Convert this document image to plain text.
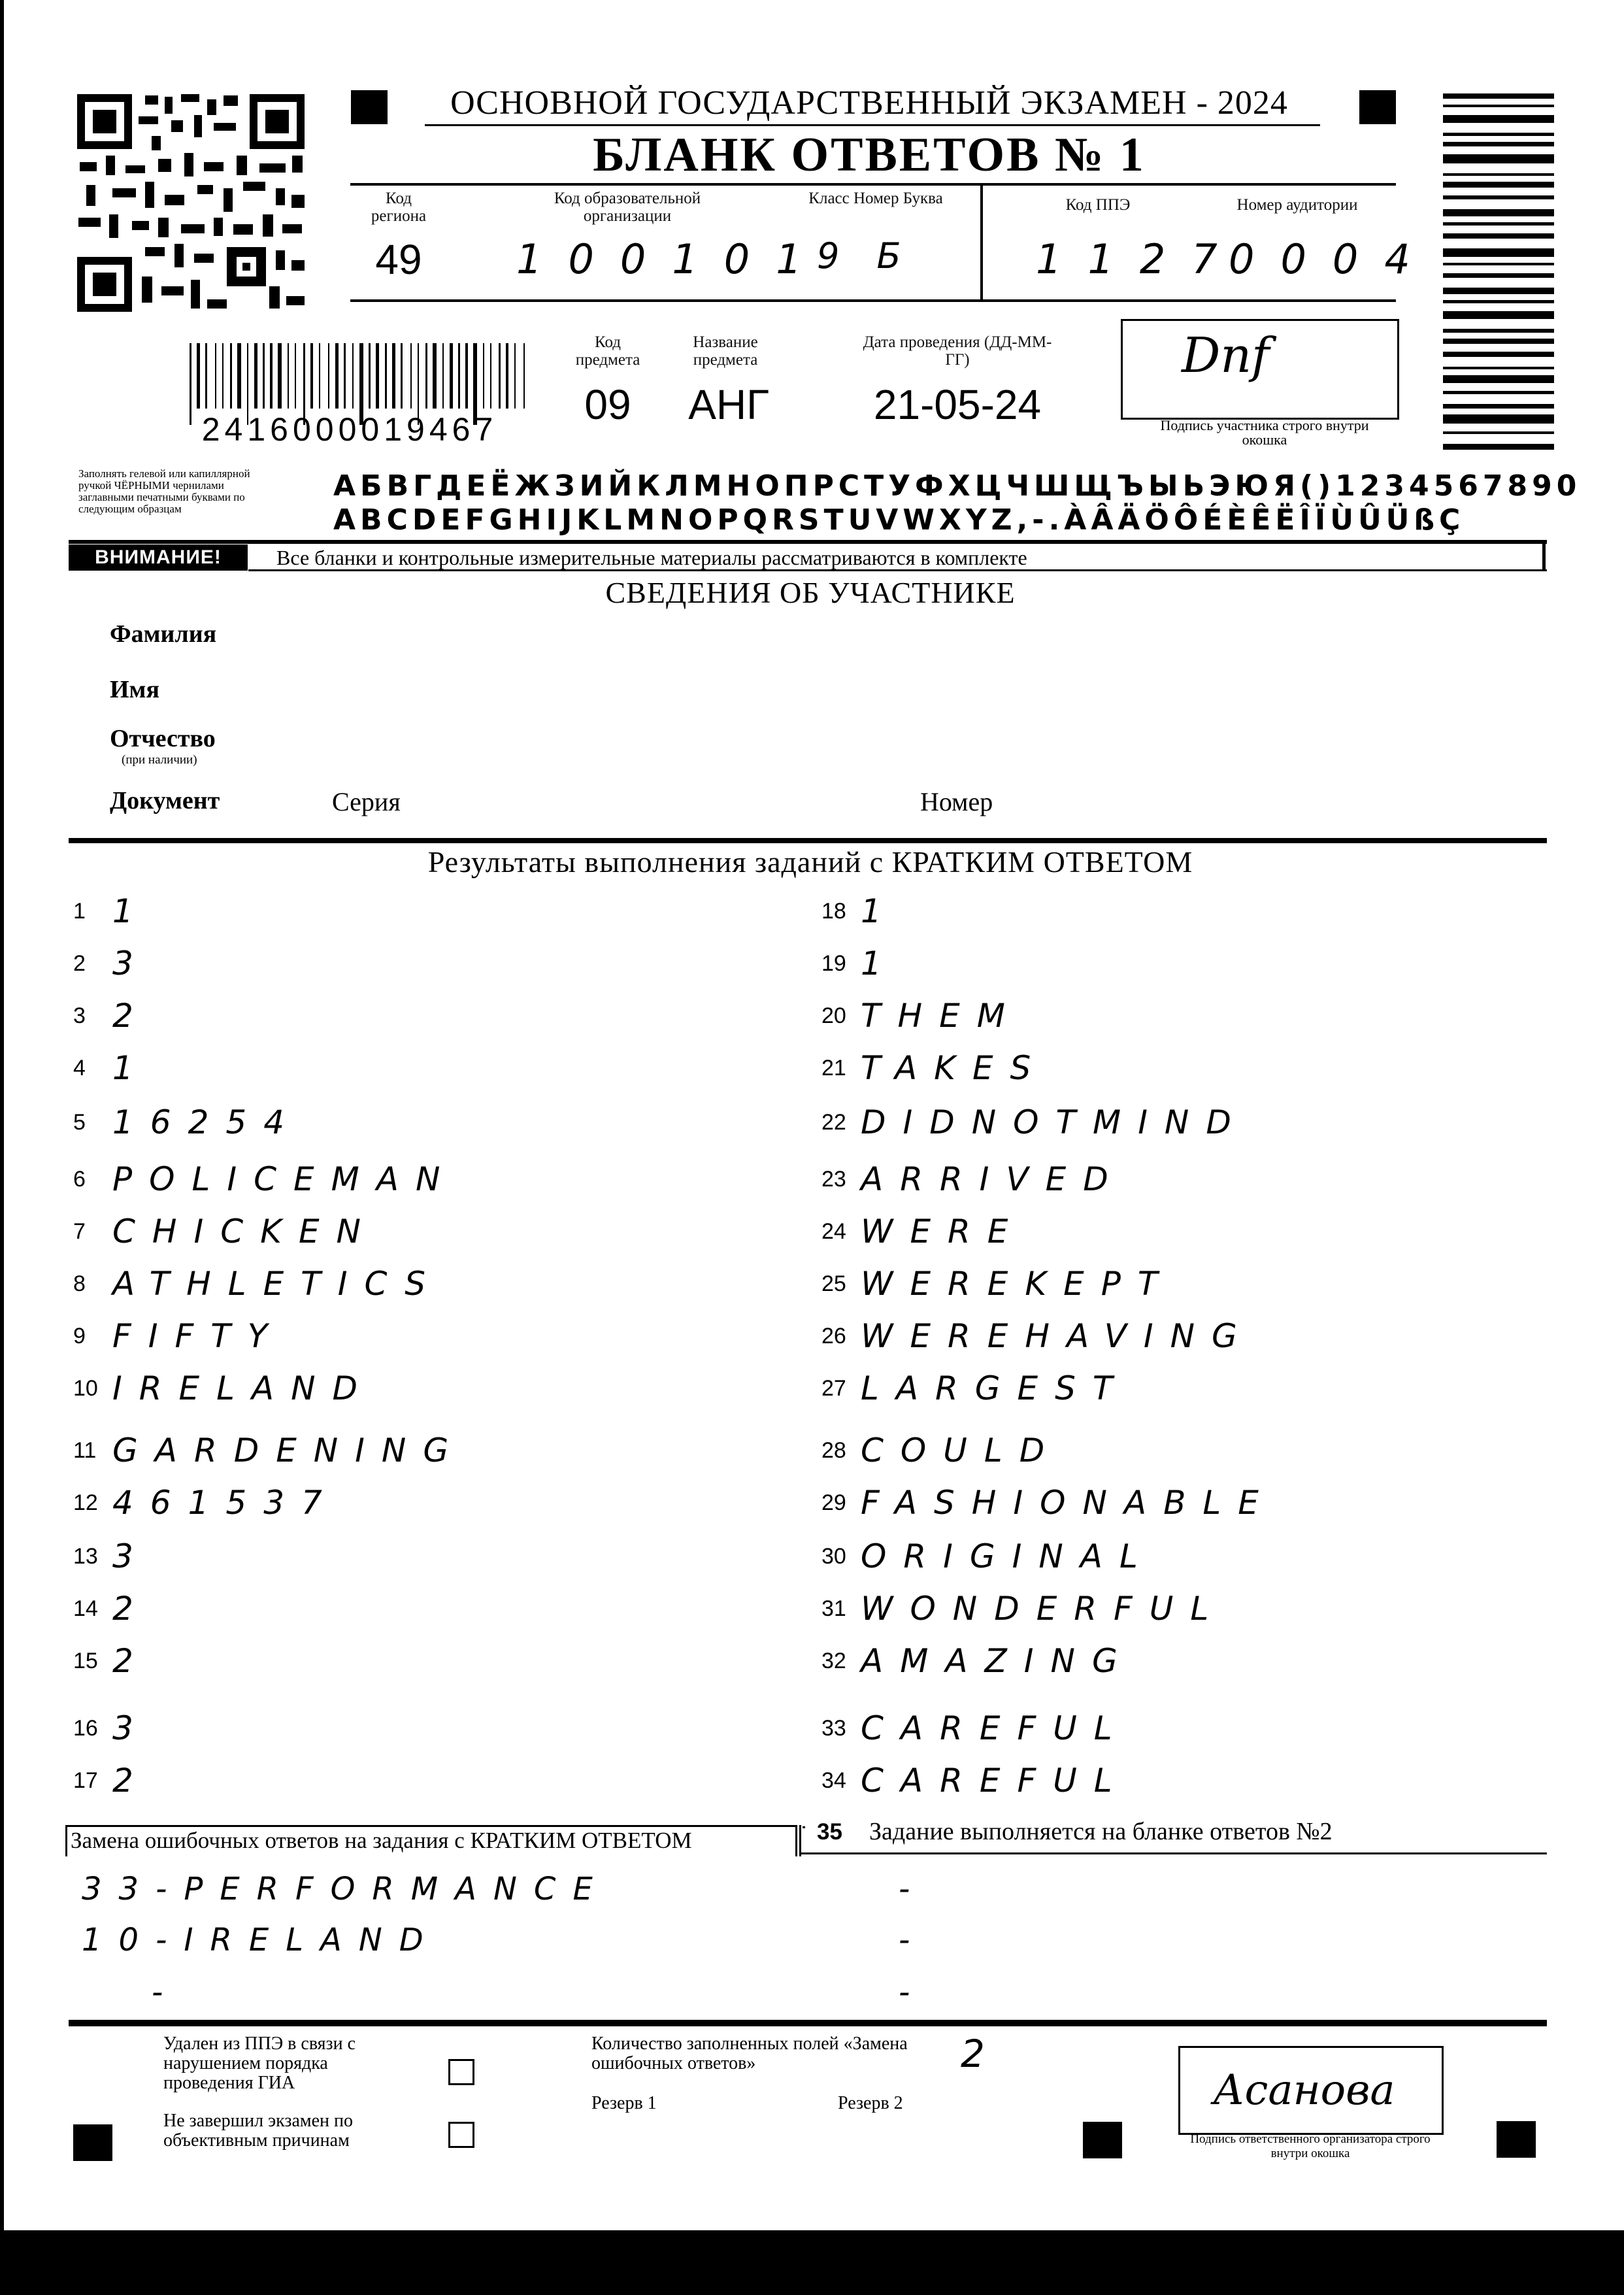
ОСНОВНОЙ ГОСУДАРСТВЕННЫЙ ЭКЗАМЕН - 2024
БЛАНК ОТВЕТОВ № 1
Код региона
49
Код образовательной организации
100101
Класс Номер Буква
9 Б
Код ППЭ
1127
Номер аудитории
0004
2416000019467
Код предмета
09
Название предмета
АНГ
Дата проведения (ДД-ММ-ГГ)
21-05-24
Dnf
Подпись участника строго внутри окошка
Заполнять гелевой или капиллярной ручкой ЧЁРНЫМИ чернилами заглавными печатными буквами по следующим образцам
АБВГДЕЁЖЗИЙКЛМНОПРСТУФХЦЧШЩЪЫЬЭЮЯ()1234567890
ABCDEFGHIJKLMNOPQRSTUVWXYZ,-.ÀÂÄÖÔÉÈÊËÎÏÙÛÜßÇ
ВНИМАНИЕ!	Все бланки и контрольные измерительные материалы рассматриваются в комплекте
СВЕДЕНИЯ ОБ УЧАСТНИКЕ
Фамилия
Имя
Отчество
(при наличии)
Документ	Серия	Номер
Результаты выполнения заданий с КРАТКИМ ОТВЕТОМ
1 1
2 3
3 2
4 1
5 16254
6 POLICEMAN
7 CHICKEN
8 ATHLETICS
9 FIFTY
10 IRELAND
11 GARDENING
12 461537
13 3
14 2
15 2
16 3
17 2
18 1
19 1
20 THEM
21 TAKES
22 DIDNOTMIND
23 ARRIVED
24 WERE
25 WEREKEPT
26 WEREHAVING
27 LARGEST
28 COULD
29 FASHIONABLE
30 ORIGINAL
31 WONDERFUL
32 AMAZING
33 CAREFUL
34 CAREFUL
Замена ошибочных ответов на задания с КРАТКИМ ОТВЕТОМ	35 Задание выполняется на бланке ответов №2
33-PERFORMANCE
10-IRELAND
-
-
-
-
Удален из ППЭ в связи с нарушением порядка проведения ГИА
Не завершил экзамен по объективным причинам
Количество заполненных полей «Замена ошибочных ответов»	2
Резерв 1	Резерв 2	Асанова
Подпись ответственного организатора строго внутри окошка
